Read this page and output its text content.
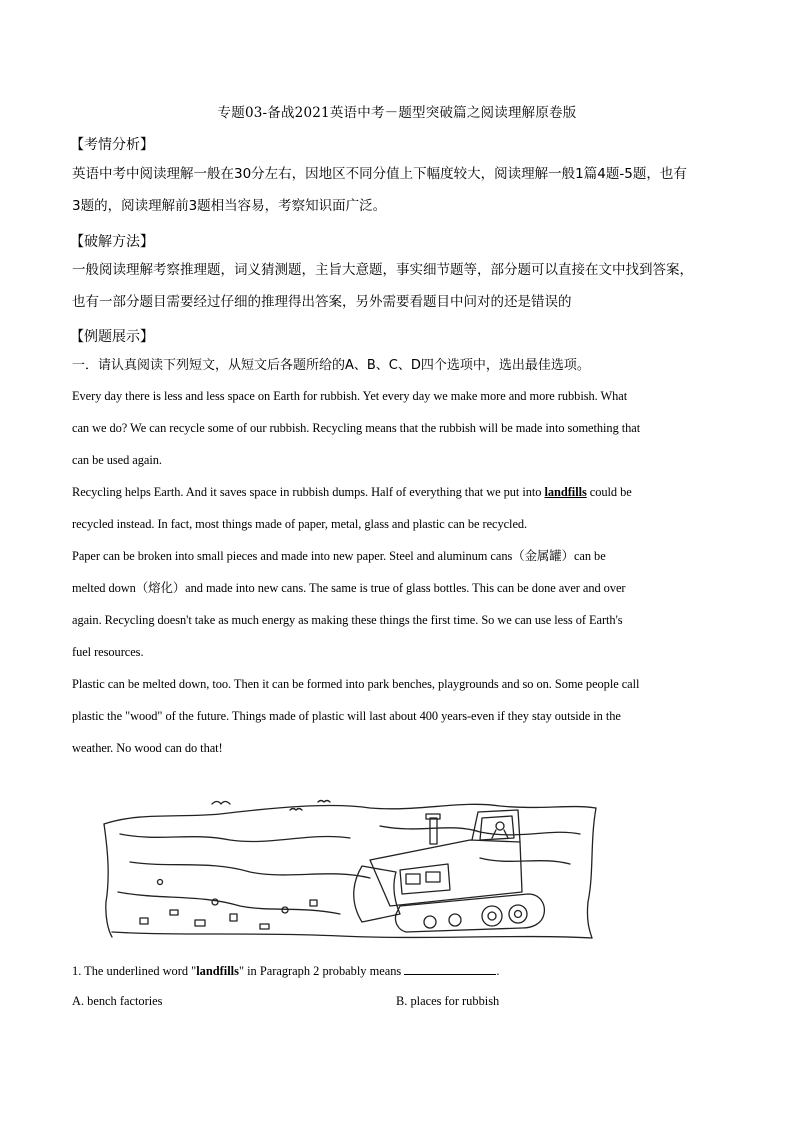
专题03-备战2021英语中考－题型突破篇之阅读理解原卷版
【考情分析】
英语中考中阅读理解一般在30分左右，因地区不同分值上下幅度较大，阅读理解一般1篇4题-5题，也有
3题的，阅读理解前3题相当容易，考察知识面广泛。
【破解方法】
一般阅读理解考察推理题，词义猜测题，主旨大意题，事实细节题等，部分题可以直接在文中找到答案，
也有一部分题目需要经过仔细的推理得出答案，另外需要看题目中问对的还是错误的
【例题展示】
一．请认真阅读下列短文，从短文后各题所给的A、B、C、D四个选项中，选出最佳选项。
Every day there is less and less space on Earth for rubbish. Yet every day we make more and more rubbish. What
can we do? We can recycle some of our rubbish. Recycling means that the rubbish will be made into something that
can be used again.
Recycling helps Earth. And it saves space in rubbish dumps. Half of everything that we put into landfills could be
recycled instead. In fact, most things made of paper, metal, glass and plastic can be recycled.
Paper can be broken into small pieces and made into new paper. Steel and aluminum cans（金属罐）can be
melted down（熔化）and made into new cans. The same is true of glass bottles. This can be done aver and over
again. Recycling doesn't take as much energy as making these things the first time. So we can use less of Earth's
fuel resources.
Plastic can be melted down, too. Then it can be formed into park benches, playgrounds and so on. Some people call
plastic the "wood" of the future. Things made of plastic will last about 400 years-even if they stay outside in the
weather. No wood can do that!
1. The underlined word "landfills" in Paragraph 2 probably means	.
A. bench factories	B. places for rubbish
